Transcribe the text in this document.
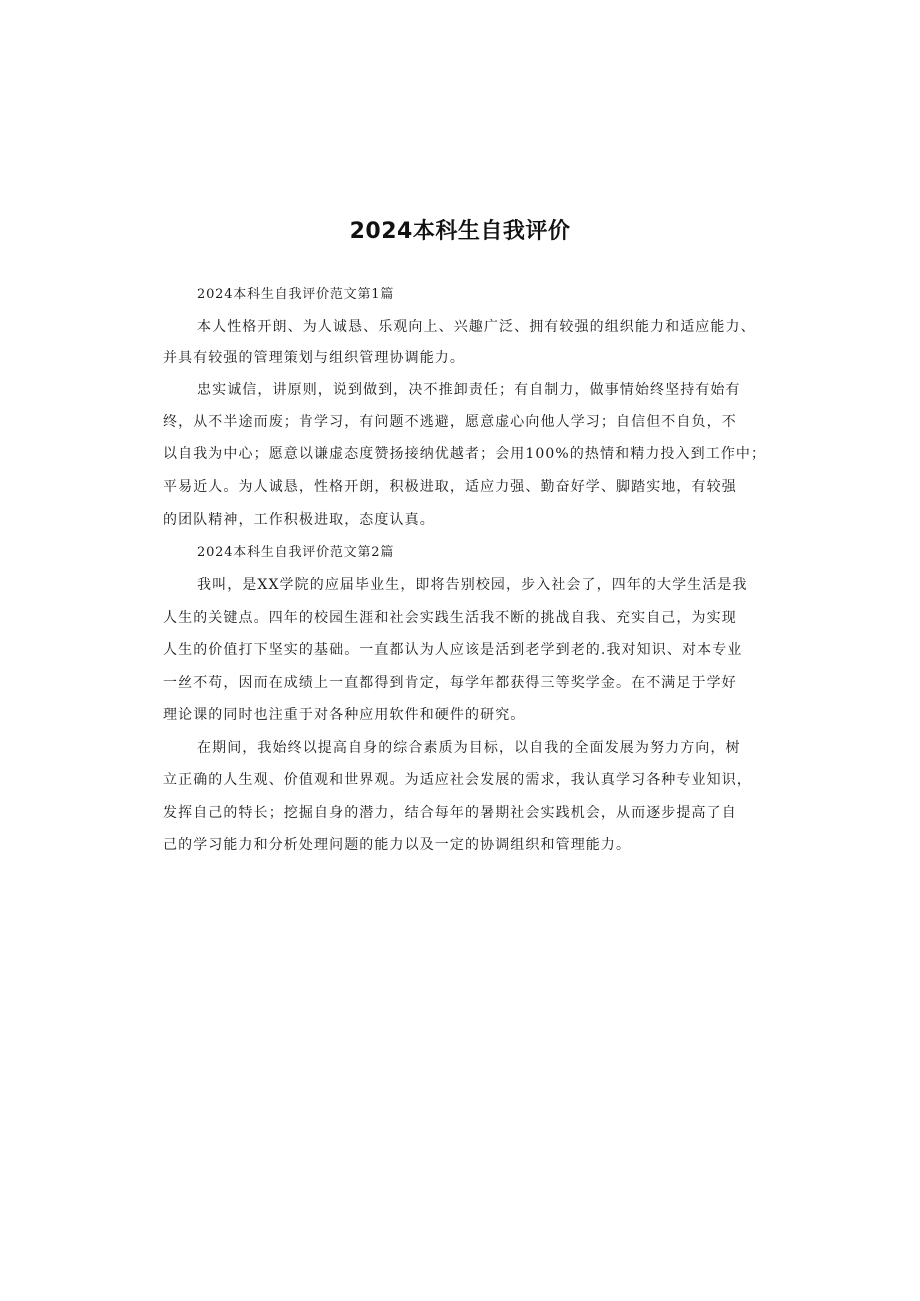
2024本科生自我评价
2024本科生自我评价范文第1篇
本人性格开朗、为人诚恳、乐观向上、兴趣广泛、拥有较强的组织能力和适应能力、
并具有较强的管理策划与组织管理协调能力。
忠实诚信，讲原则，说到做到，决不推卸责任；有自制力，做事情始终坚持有始有
终，从不半途而废；肯学习，有问题不逃避，愿意虚心向他人学习；自信但不自负，不
以自我为中心；愿意以谦虚态度赞扬接纳优越者；会用100%的热情和精力投入到工作中；
平易近人。为人诚恳，性格开朗，积极进取，适应力强、勤奋好学、脚踏实地，有较强
的团队精神，工作积极进取，态度认真。
2024本科生自我评价范文第2篇
我叫，是XX学院的应届毕业生，即将告别校园，步入社会了，四年的大学生活是我
人生的关键点。四年的校园生涯和社会实践生活我不断的挑战自我、充实自己，为实现
人生的价值打下坚实的基础。一直都认为人应该是活到老学到老的.我对知识、对本专业
一丝不苟，因而在成绩上一直都得到肯定，每学年都获得三等奖学金。在不满足于学好
理论课的同时也注重于对各种应用软件和硬件的研究。
在期间，我始终以提高自身的综合素质为目标，以自我的全面发展为努力方向，树
立正确的人生观、价值观和世界观。为适应社会发展的需求，我认真学习各种专业知识，
发挥自己的特长；挖掘自身的潜力，结合每年的暑期社会实践机会，从而逐步提高了自
己的学习能力和分析处理问题的能力以及一定的协调组织和管理能力。
